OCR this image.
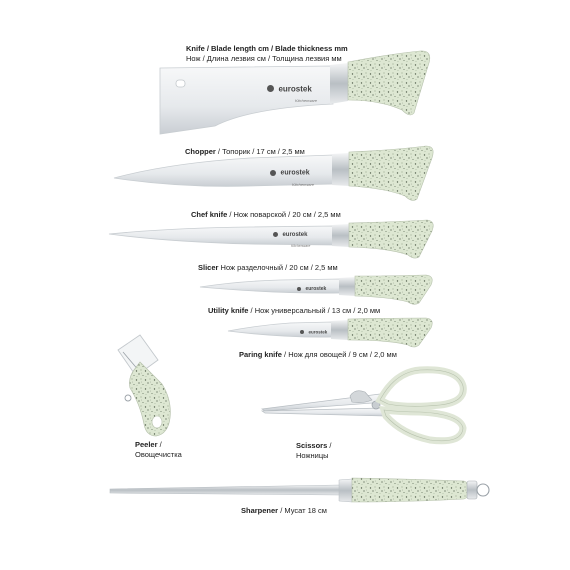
eurostek
Kitchenware
eurostek
Kitchenware
eurostek
Kitchenware
eurostek
eurostek
Knife / Blade length cm / Blade thickness mm
Нож / Длина лезвия см / Толщина лезвия мм
Chopper / Топорик / 17 см / 2,5 мм
Chef knife / Нож поварской / 20 см / 2,5 мм
Slicer Нож разделочный / 20 см / 2,5 мм
Utility knife / Нож универсальный / 13 см / 2,0 мм
Paring knife / Нож для овощей / 9 см / 2,0 мм
Peeler /
Овощечистка
Scissors /
Ножницы
Sharpener / Мусат 18 см
